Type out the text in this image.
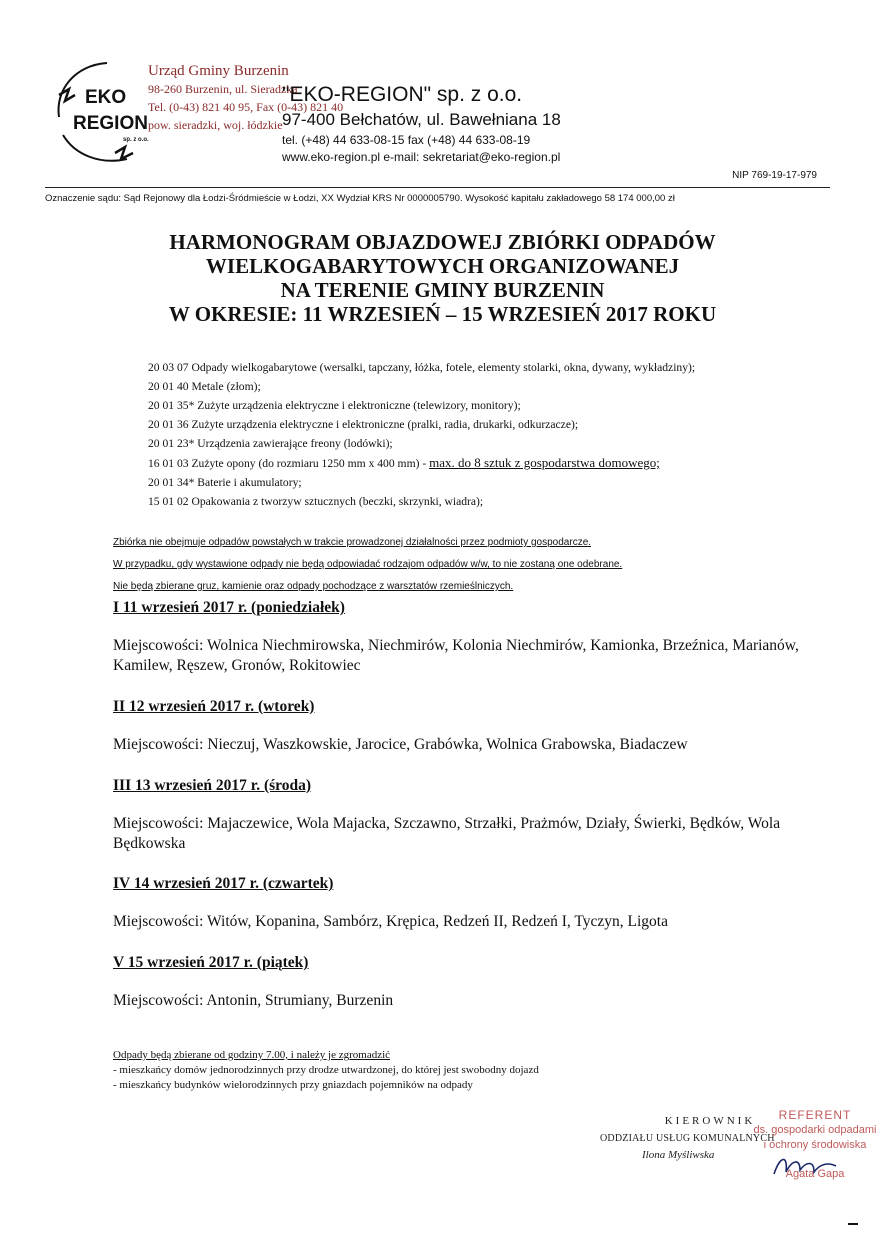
EKO
REGION
sp. z o.o.
Urząd Gminy Burzenin
98-260 Burzenin, ul. Sieradzka
Tel. (0-43) 821 40 95, Fax (0-43) 821 40
pow. sieradzki, woj. łódzkie
"EKO-REGION" sp. z o.o.
97-400 Bełchatów, ul. Bawełniana 18
tel. (+48) 44 633-08-15 fax (+48) 44 633-08-19
www.eko-region.pl e-mail: sekretariat@eko-region.pl
NIP 769-19-17-979
Oznaczenie sądu: Sąd Rejonowy dla Łodzi-Śródmieście w Łodzi, XX Wydział KRS Nr 0000005790. Wysokość kapitału zakładowego 58 174 000,00 zł
HARMONOGRAM OBJAZDOWEJ ZBIÓRKI ODPADÓW
WIELKOGABARYTOWYCH ORGANIZOWANEJ
NA TERENIE GMINY BURZENIN
W OKRESIE: 11 WRZESIEŃ – 15 WRZESIEŃ 2017 ROKU
20 03 07 Odpady wielkogabarytowe (wersalki, tapczany, łóżka, fotele, elementy stolarki, okna, dywany, wykładziny);
20 01 40 Metale (złom);
20 01 35* Zużyte urządzenia elektryczne i elektroniczne (telewizory, monitory);
20 01 36 Zużyte urządzenia elektryczne i elektroniczne (pralki, radia, drukarki, odkurzacze);
20 01 23* Urządzenia zawierające freony (lodówki);
16 01 03 Zużyte opony (do rozmiaru 1250 mm x 400 mm) - max. do 8 sztuk z gospodarstwa domowego;
20 01 34* Baterie i akumulatory;
15 01 02 Opakowania z tworzyw sztucznych (beczki, skrzynki, wiadra);
Zbiórka nie obejmuje odpadów powstałych w trakcie prowadzonej działalności przez podmioty gospodarcze.
W przypadku, gdy wystawione odpady nie będą odpowiadać rodzajom odpadów w/w, to nie zostaną one odebrane.
Nie będą zbierane gruz, kamienie oraz odpady pochodzące z warsztatów rzemieślniczych.
I 11 wrzesień 2017 r. (poniedziałek)

Miejscowości: Wolnica Niechmirowska, Niechmirów, Kolonia Niechmirów, Kamionka, Brzeźnica, Marianów, Kamilew, Ręszew, Gronów, Rokitowiec

II 12 wrzesień 2017 r. (wtorek)

Miejscowości: Nieczuj, Waszkowskie, Jarocice, Grabówka, Wolnica Grabowska, Biadaczew

III 13 wrzesień 2017 r. (środa)

Miejscowości: Majaczewice, Wola Majacka, Szczawno, Strzałki, Prażmów, Działy, Świerki, Będków, Wola Będkowska

IV 14 wrzesień 2017 r. (czwartek)

Miejscowości: Witów, Kopanina, Sambórz, Krępica, Redzeń II, Redzeń I, Tyczyn, Ligota

V 15 wrzesień 2017 r. (piątek)

Miejscowości: Antonin, Strumiany, Burzenin

Odpady będą zbierane od godziny 7.00, i należy je zgromadzić
- mieszkańcy domów jednorodzinnych przy drodze utwardzonej, do której jest swobodny dojazd
- mieszkańcy budynków wielorodzinnych przy gniazdach pojemników na odpady
KIEROWNIK
ODDZIAŁU USŁUG KOMUNALNYCH
Ilona Myśliwska
REFERENT
ds. gospodarki odpadami
i ochrony środowiska
Agata Gapa
